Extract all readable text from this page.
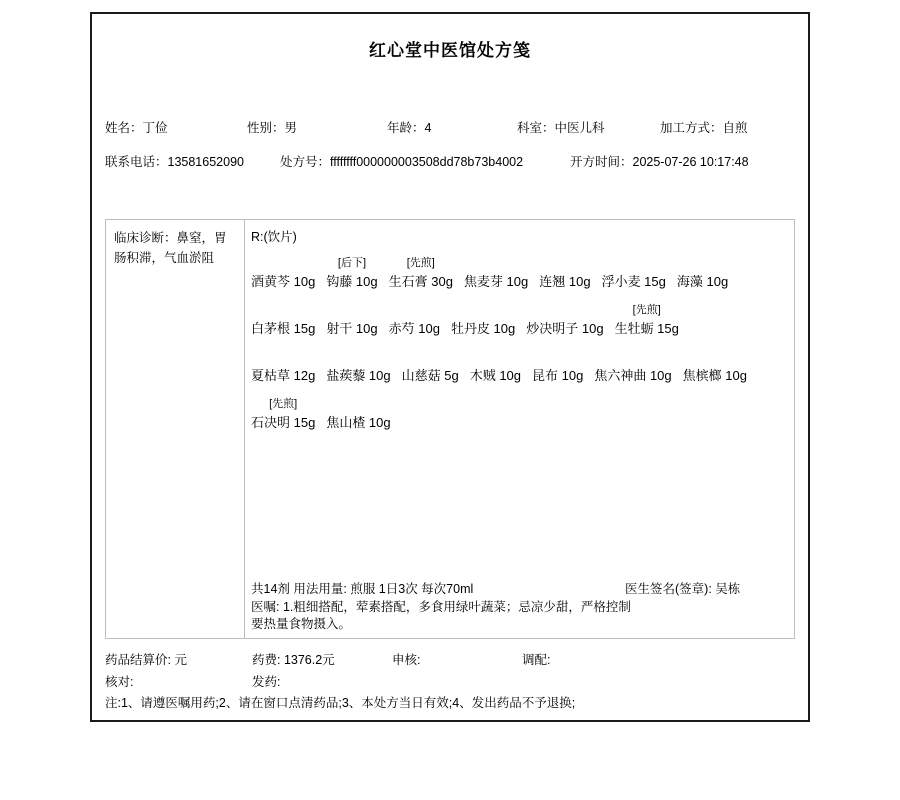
红心堂中医馆处方笺
姓名：丁俭	性别：男	年龄：4	科室：中医儿科	加工方式：自煎
联系电话：13581652090	处方号：ffffffff000000003508dd78b73b4002	开方时间：2025-07-26 10:17:48
临床诊断：鼻窒，胃肠积滞，气血淤阻
R:(饮片)
酒黄芩 10g
[后下]
钩藤 10g
[先煎]
生石膏 30g 焦麦芽 10g 连翘 10g 浮小麦 15g 海藻 10g
白茅根 15g 射干 10g 赤芍 10g 牡丹皮 10g 炒决明子 10g
[先煎]
生牡蛎 15g
夏枯草 12g 盐蒺藜 10g 山慈菇 5g 木贼 10g 昆布 10g 焦六神曲 10g 焦槟榔 10g
[先煎]
石决明 15g 焦山楂 10g
共14剂 用法用量: 煎服 1日3次 每次70ml	医生签名(签章): 吴栋
医嘱: 1.粗细搭配，荤素搭配，多食用绿叶蔬菜；忌凉少甜，严格控制要热量食物摄入。
药品结算价: 元	药费: 1376.2元	申核:	调配:
核对:	发药:
注:1、请遵医嘱用药;2、请在窗口点清药品;3、本处方当日有效;4、发出药品不予退换;
